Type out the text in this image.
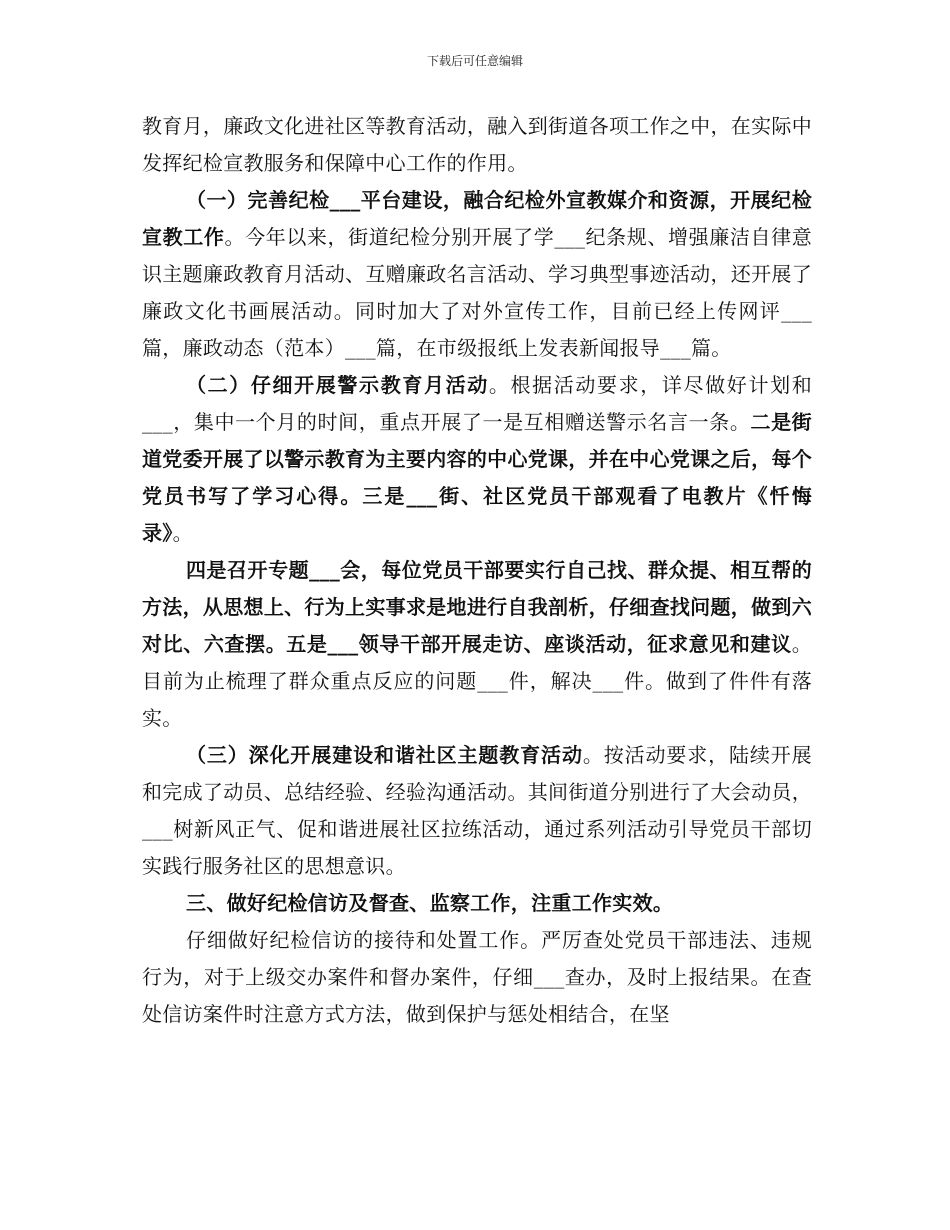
下载后可任意编辑

教育月，廉政文化进社区等教育活动，融入到街道各项工作之中，在实际中发挥纪检宣教服务和保障中心工作的作用。

（一）完善纪检___平台建设，融合纪检外宣教媒介和资源，开展纪检宣教工作。今年以来，街道纪检分别开展了学___纪条规、增强廉洁自律意识主题廉政教育月活动、互赠廉政名言活动、学习典型事迹活动，还开展了廉政文化书画展活动。同时加大了对外宣传工作，目前已经上传网评___篇，廉政动态（范本）___篇，在市级报纸上发表新闻报导___篇。

（二）仔细开展警示教育月活动。根据活动要求，详尽做好计划和___，集中一个月的时间，重点开展了一是互相赠送警示名言一条。二是街道党委开展了以警示教育为主要内容的中心党课，并在中心党课之后，每个党员书写了学习心得。三是___街、社区党员干部观看了电教片《忏悔录》。

四是召开专题___会，每位党员干部要实行自己找、群众提、相互帮的方法，从思想上、行为上实事求是地进行自我剖析，仔细查找问题，做到六对比、六查摆。五是___领导干部开展走访、座谈活动，征求意见和建议。目前为止梳理了群众重点反应的问题___件，解决___件。做到了件件有落实。

（三）深化开展建设和谐社区主题教育活动。按活动要求，陆续开展和完成了动员、总结经验、经验沟通活动。其间街道分别进行了大会动员，___树新风正气、促和谐进展社区拉练活动，通过系列活动引导党员干部切实践行服务社区的思想意识。

三、做好纪检信访及督查、监察工作，注重工作实效。

仔细做好纪检信访的接待和处置工作。严厉查处党员干部违法、违规行为，对于上级交办案件和督办案件，仔细___查办，及时上报结果。在查处信访案件时注意方式方法，做到保护与惩处相结合，在坚
